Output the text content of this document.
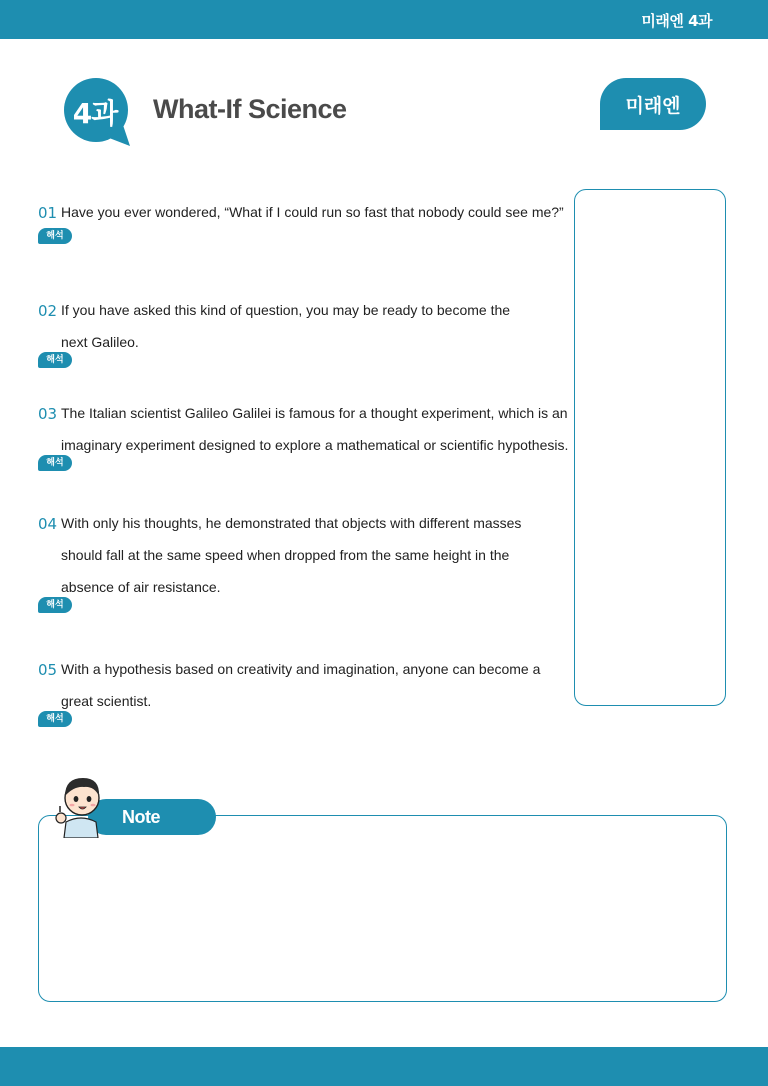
미래엔 4과
4과	What-If Science	미래엔
01 Have you ever wondered, “What if I could run so fast that nobody could see me?”
해석
02 If you have asked this kind of question, you may be ready to become the next Galileo.
해석
03 The Italian scientist Galileo Galilei is famous for a thought experiment, which is an imaginary experiment designed to explore a mathematical or scientific hypothesis.
해석
04 With only his thoughts, he demonstrated that objects with different masses should fall at the same speed when dropped from the same height in the absence of air resistance.
해석
05 With a hypothesis based on creativity and imagination, anyone can become a great scientist.
해석
Note
